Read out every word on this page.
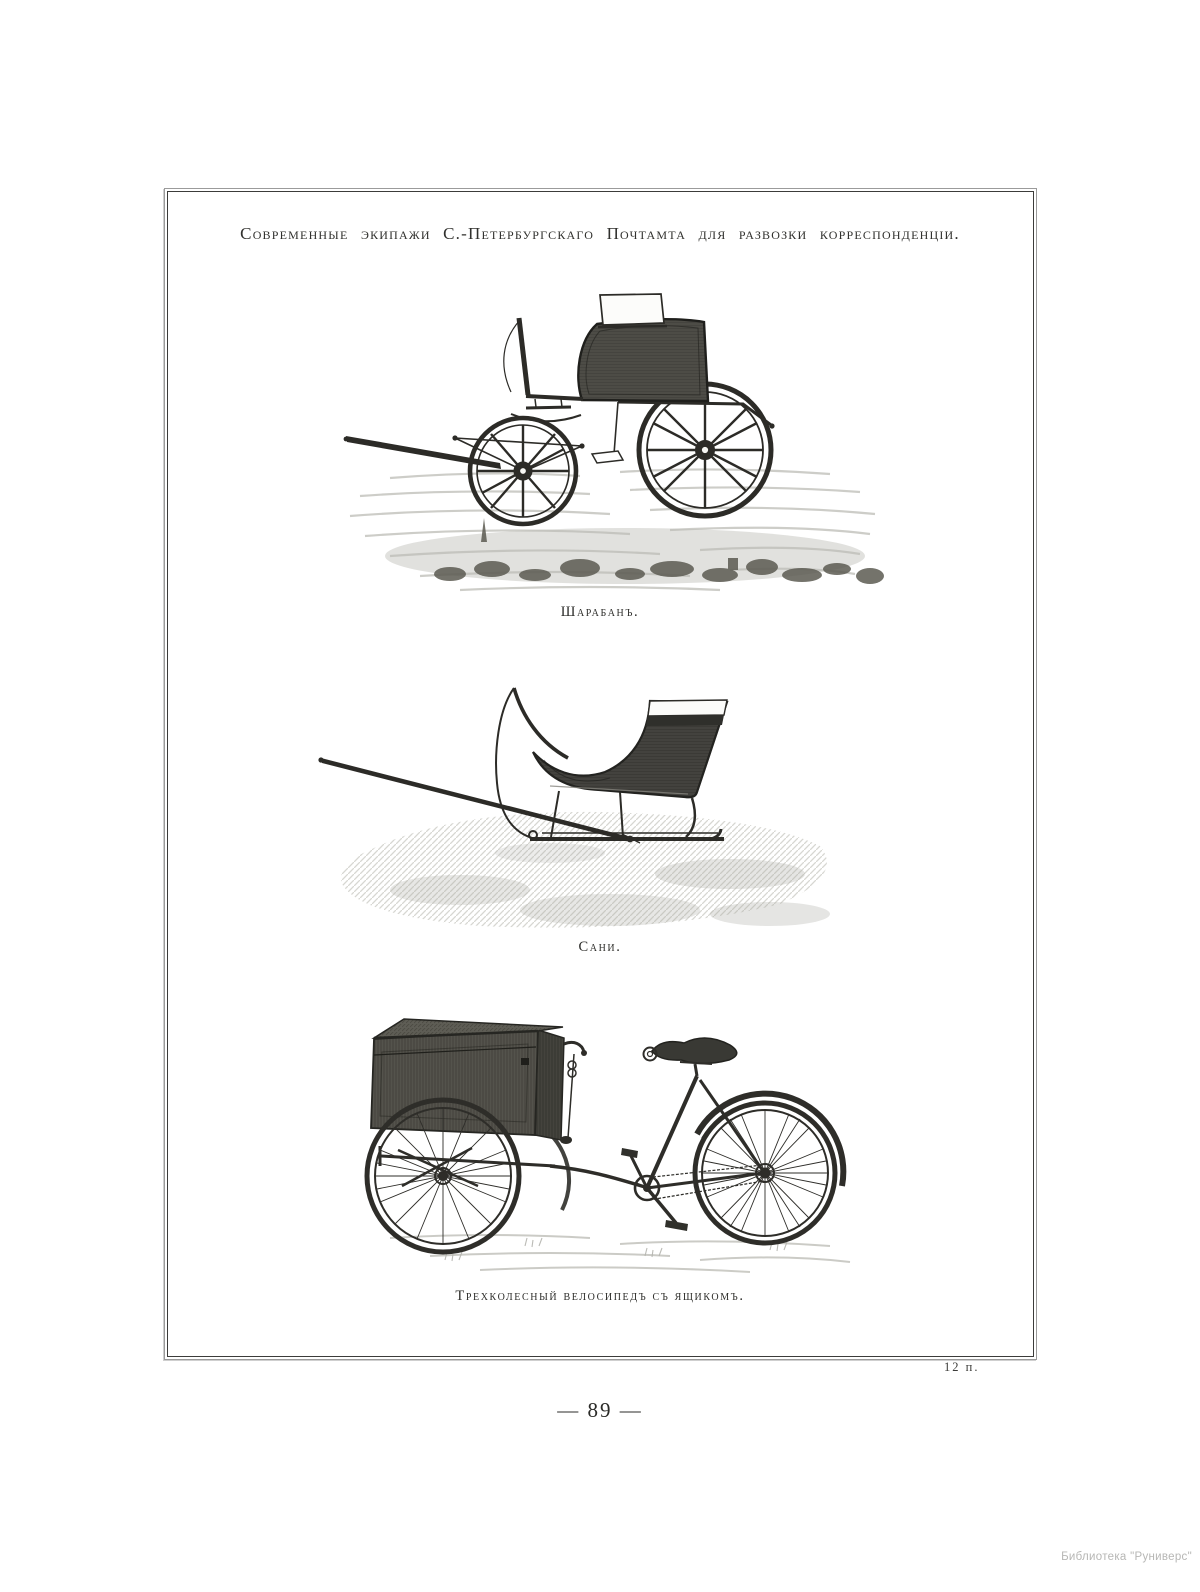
Современные экипажи С.-Петербургскаго Почтамта для развозки корреспонденціи.
Шарабанъ.
Сани.
Трехколесный велосипедъ съ ящикомъ.
12 п.
— 89 —
Библиотека "Руниверс"
